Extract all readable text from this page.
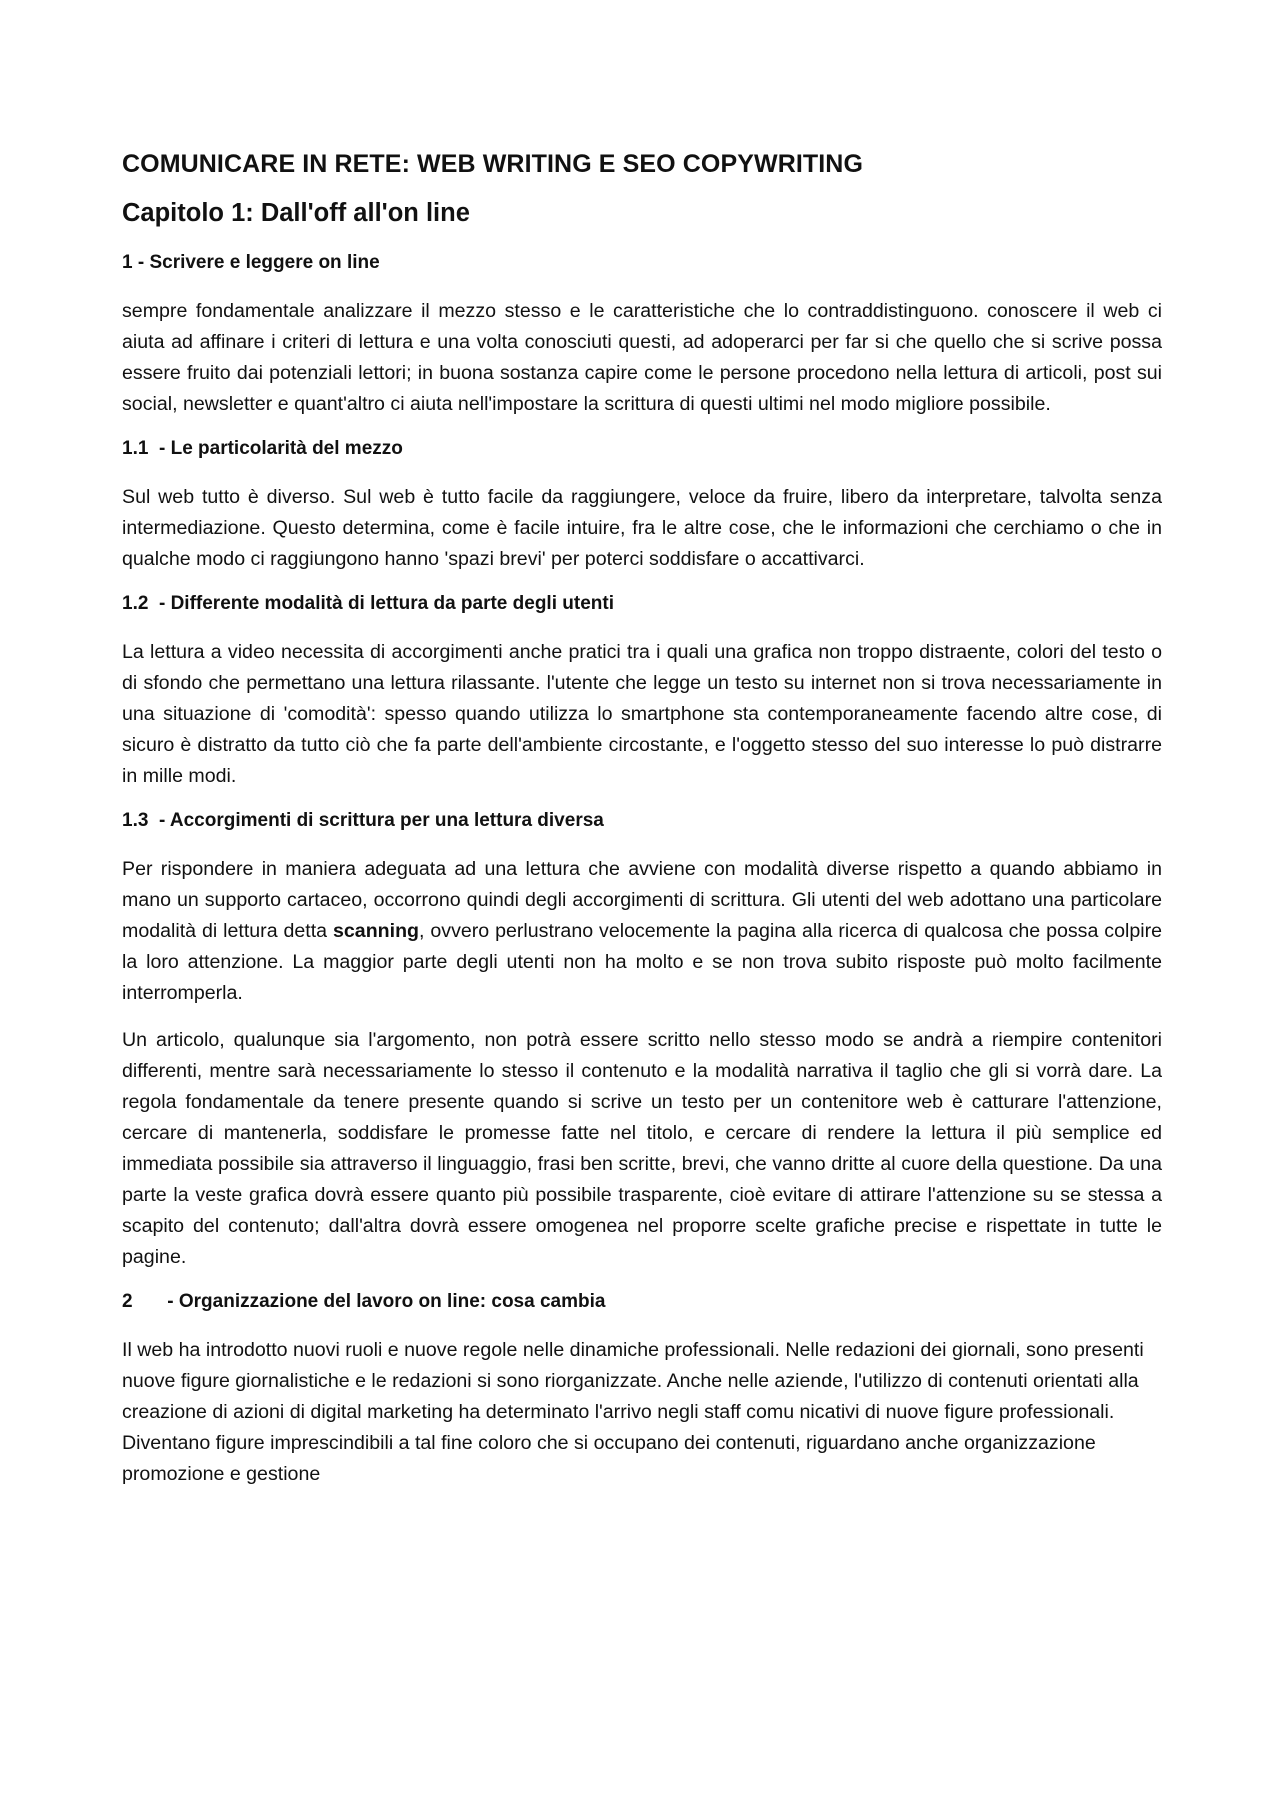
COMUNICARE IN RETE: WEB WRITING E SEO COPYWRITING
Capitolo 1: Dall'off all'on line
1 - Scrivere e leggere on line

sempre fondamentale analizzare il mezzo stesso e le caratteristiche che lo contraddistinguono. conoscere il web ci aiuta ad affinare i criteri di lettura e una volta conosciuti questi, ad adoperarci per far si che quello che si scrive possa essere fruito dai potenziali lettori; in buona sostanza capire come le persone procedono nella lettura di articoli, post sui social, newsletter e quant'altro ci aiuta nell'impostare la scrittura di questi ultimi nel modo migliore possibile.

1.1 - Le particolarità del mezzo

Sul web tutto è diverso. Sul web è tutto facile da raggiungere, veloce da fruire, libero da interpretare, talvolta senza intermediazione. Questo determina, come è facile intuire, fra le altre cose, che le informazioni che cerchiamo o che in qualche modo ci raggiungono hanno 'spazi brevi' per poterci soddisfare o accattivarci.

1.2 - Differente modalità di lettura da parte degli utenti

La lettura a video necessita di accorgimenti anche pratici tra i quali una grafica non troppo distraente, colori del testo o di sfondo che permettano una lettura rilassante. l'utente che legge un testo su internet non si trova necessariamente in una situazione di 'comodità': spesso quando utilizza lo smartphone sta contemporaneamente facendo altre cose, di sicuro è distratto da tutto ciò che fa parte dell'ambiente circostante, e l'oggetto stesso del suo interesse lo può distrarre in mille modi.

1.3 - Accorgimenti di scrittura per una lettura diversa

Per rispondere in maniera adeguata ad una lettura che avviene con modalità diverse rispetto a quando abbiamo in mano un supporto cartaceo, occorrono quindi degli accorgimenti di scrittura. Gli utenti del web adottano una particolare modalità di lettura detta scanning, ovvero perlustrano velocemente la pagina alla ricerca di qualcosa che possa colpire la loro attenzione. La maggior parte degli utenti non ha molto e se non trova subito risposte può molto facilmente interromperla.

Un articolo, qualunque sia l'argomento, non potrà essere scritto nello stesso modo se andrà a riempire contenitori differenti, mentre sarà necessariamente lo stesso il contenuto e la modalità narrativa il taglio che gli si vorrà dare. La regola fondamentale da tenere presente quando si scrive un testo per un contenitore web è catturare l'attenzione, cercare di mantenerla, soddisfare le promesse fatte nel titolo, e cercare di rendere la lettura il più semplice ed immediata possibile sia attraverso il linguaggio, frasi ben scritte, brevi, che vanno dritte al cuore della questione. Da una parte la veste grafica dovrà essere quanto più possibile trasparente, cioè evitare di attirare l'attenzione su se stessa a scapito del contenuto; dall'altra dovrà essere omogenea nel proporre scelte grafiche precise e rispettate in tutte le pagine.

2 - Organizzazione del lavoro on line: cosa cambia

Il web ha introdotto nuovi ruoli e nuove regole nelle dinamiche professionali. Nelle redazioni dei giornali, sono presenti nuove figure giornalistiche e le redazioni si sono riorganizzate. Anche nelle aziende, l'utilizzo di contenuti orientati alla creazione di azioni di digital marketing ha determinato l'arrivo negli staff comu nicativi di nuove figure professionali. Diventano figure imprescindibili a tal fine coloro che si occupano dei contenuti, riguardano anche organizzazione promozione e gestione
